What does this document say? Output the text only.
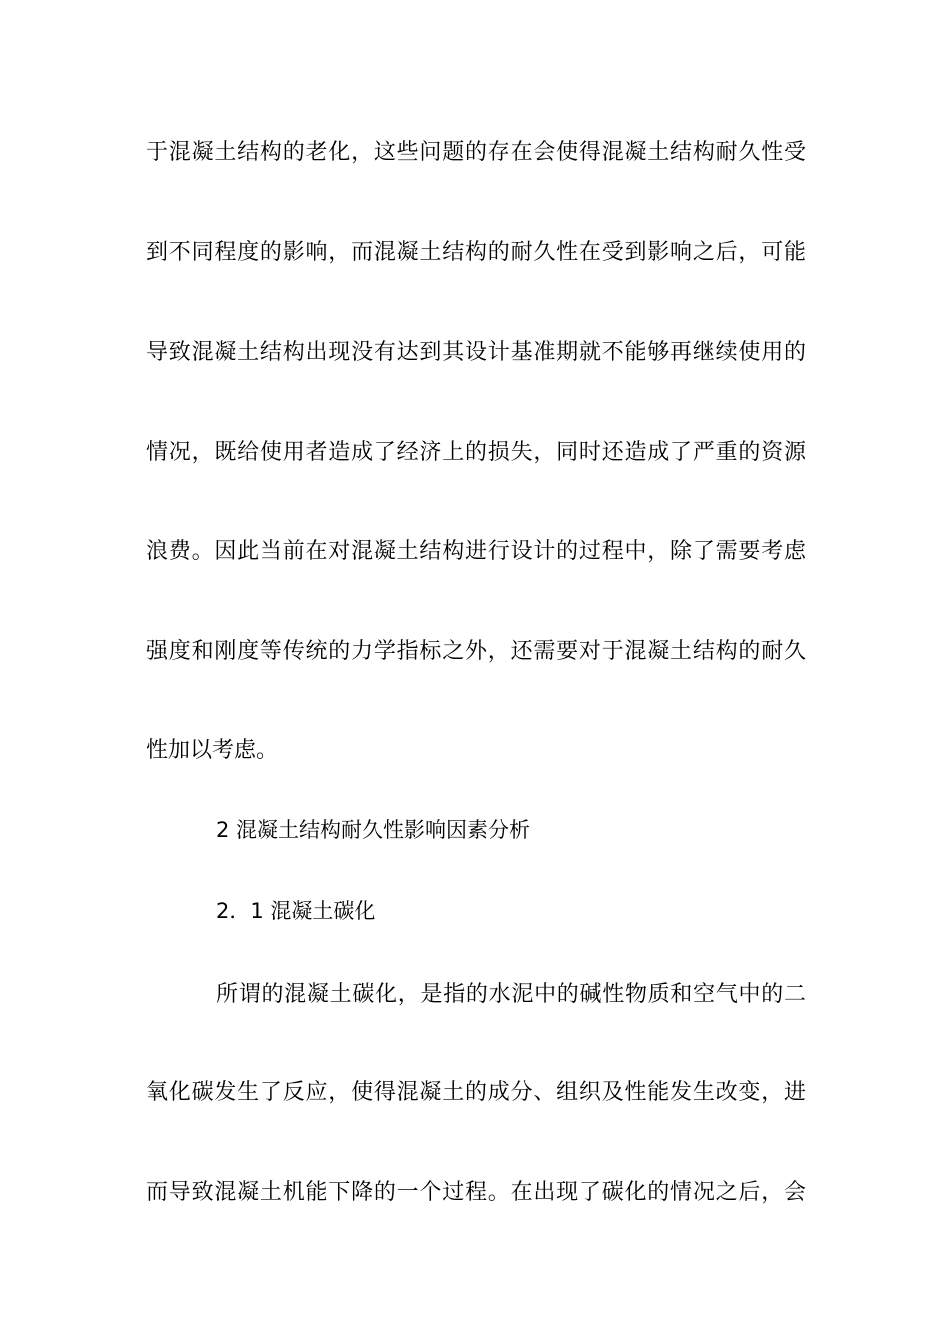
于混凝土结构的老化，这些问题的存在会使得混凝土结构耐久性受
到不同程度的影响，而混凝土结构的耐久性在受到影响之后，可能
导致混凝土结构出现没有达到其设计基准期就不能够再继续使用的
情况，既给使用者造成了经济上的损失，同时还造成了严重的资源
浪费。因此当前在对混凝土结构进行设计的过程中，除了需要考虑
强度和刚度等传统的力学指标之外，还需要对于混凝土结构的耐久
性加以考虑。
2 混凝土结构耐久性影响因素分析
2．1 混凝土碳化
所谓的混凝土碳化，是指的水泥中的碱性物质和空气中的二
氧化碳发生了反应，使得混凝土的成分、组织及性能发生改变，进
而导致混凝土机能下降的一个过程。在出现了碳化的情况之后，会
